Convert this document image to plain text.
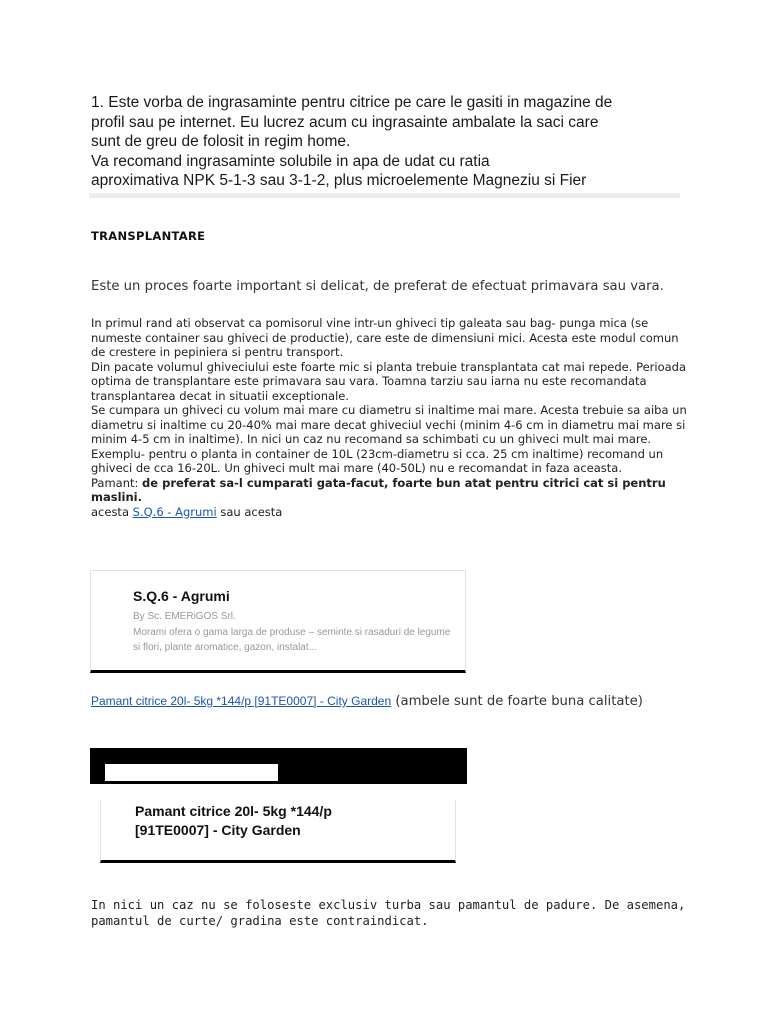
1. Este vorba de ingrasaminte pentru citrice pe care le gasiti in magazine de
profil sau pe internet. Eu lucrez acum cu ingrasainte ambalate la saci care
sunt de greu de folosit in regim home.
Va recomand ingrasaminte solubile in apa de udat cu ratia
aproximativa NPK 5-1-3 sau 3-1-2, plus microelemente Magneziu si Fier
TRANSPLANTARE
Este un proces foarte important si delicat, de preferat de efectuat primavara sau vara.
In primul rand ati observat ca pomisorul vine intr-un ghiveci tip galeata sau bag- punga mica (se numeste container sau ghiveci de productie), care este de dimensiuni mici. Acesta este modul comun de crestere in pepiniera si pentru transport.
Din pacate volumul ghiveciului este foarte mic si planta trebuie transplantata cat mai repede. Perioada optima de transplantare este primavara sau vara. Toamna tarziu sau iarna nu este recomandata transplantarea decat in situatii exceptionale.
Se cumpara un ghiveci cu volum mai mare cu diametru si inaltime mai mare. Acesta trebuie sa aiba un diametru si inaltime cu 20-40% mai mare decat ghiveciul vechi (minim 4-6 cm in diametru mai mare si minim 4-5 cm in inaltime). In nici un caz nu recomand sa schimbati cu un ghiveci mult mai mare. Exemplu- pentru o planta in container de 10L (23cm-diametru si cca. 25 cm inaltime) recomand un ghiveci de cca 16-20L. Un ghiveci mult mai mare (40-50L) nu e recomandat in faza aceasta.
Pamant: de preferat sa-l cumparati gata-facut, foarte bun atat pentru citrici cat si pentru maslini.
acesta S.Q.6 - Agrumi sau acesta
S.Q.6 - Agrumi
By Sc. EMERiGOS Srl.
Morami ofera o gama larga de produse – seminte si rasaduri de legume si flori, plante aromatice, gazon, instalat...
Pamant citrice 20l- 5kg *144/p [91TE0007] - City Garden (ambele sunt de foarte buna calitate)
Pamant citrice 20l- 5kg *144/p [91TE0007] - City Garden
In nici un caz nu se foloseste exclusiv turba sau pamantul de padure. De asemena, pamantul de curte/ gradina este contraindicat.
